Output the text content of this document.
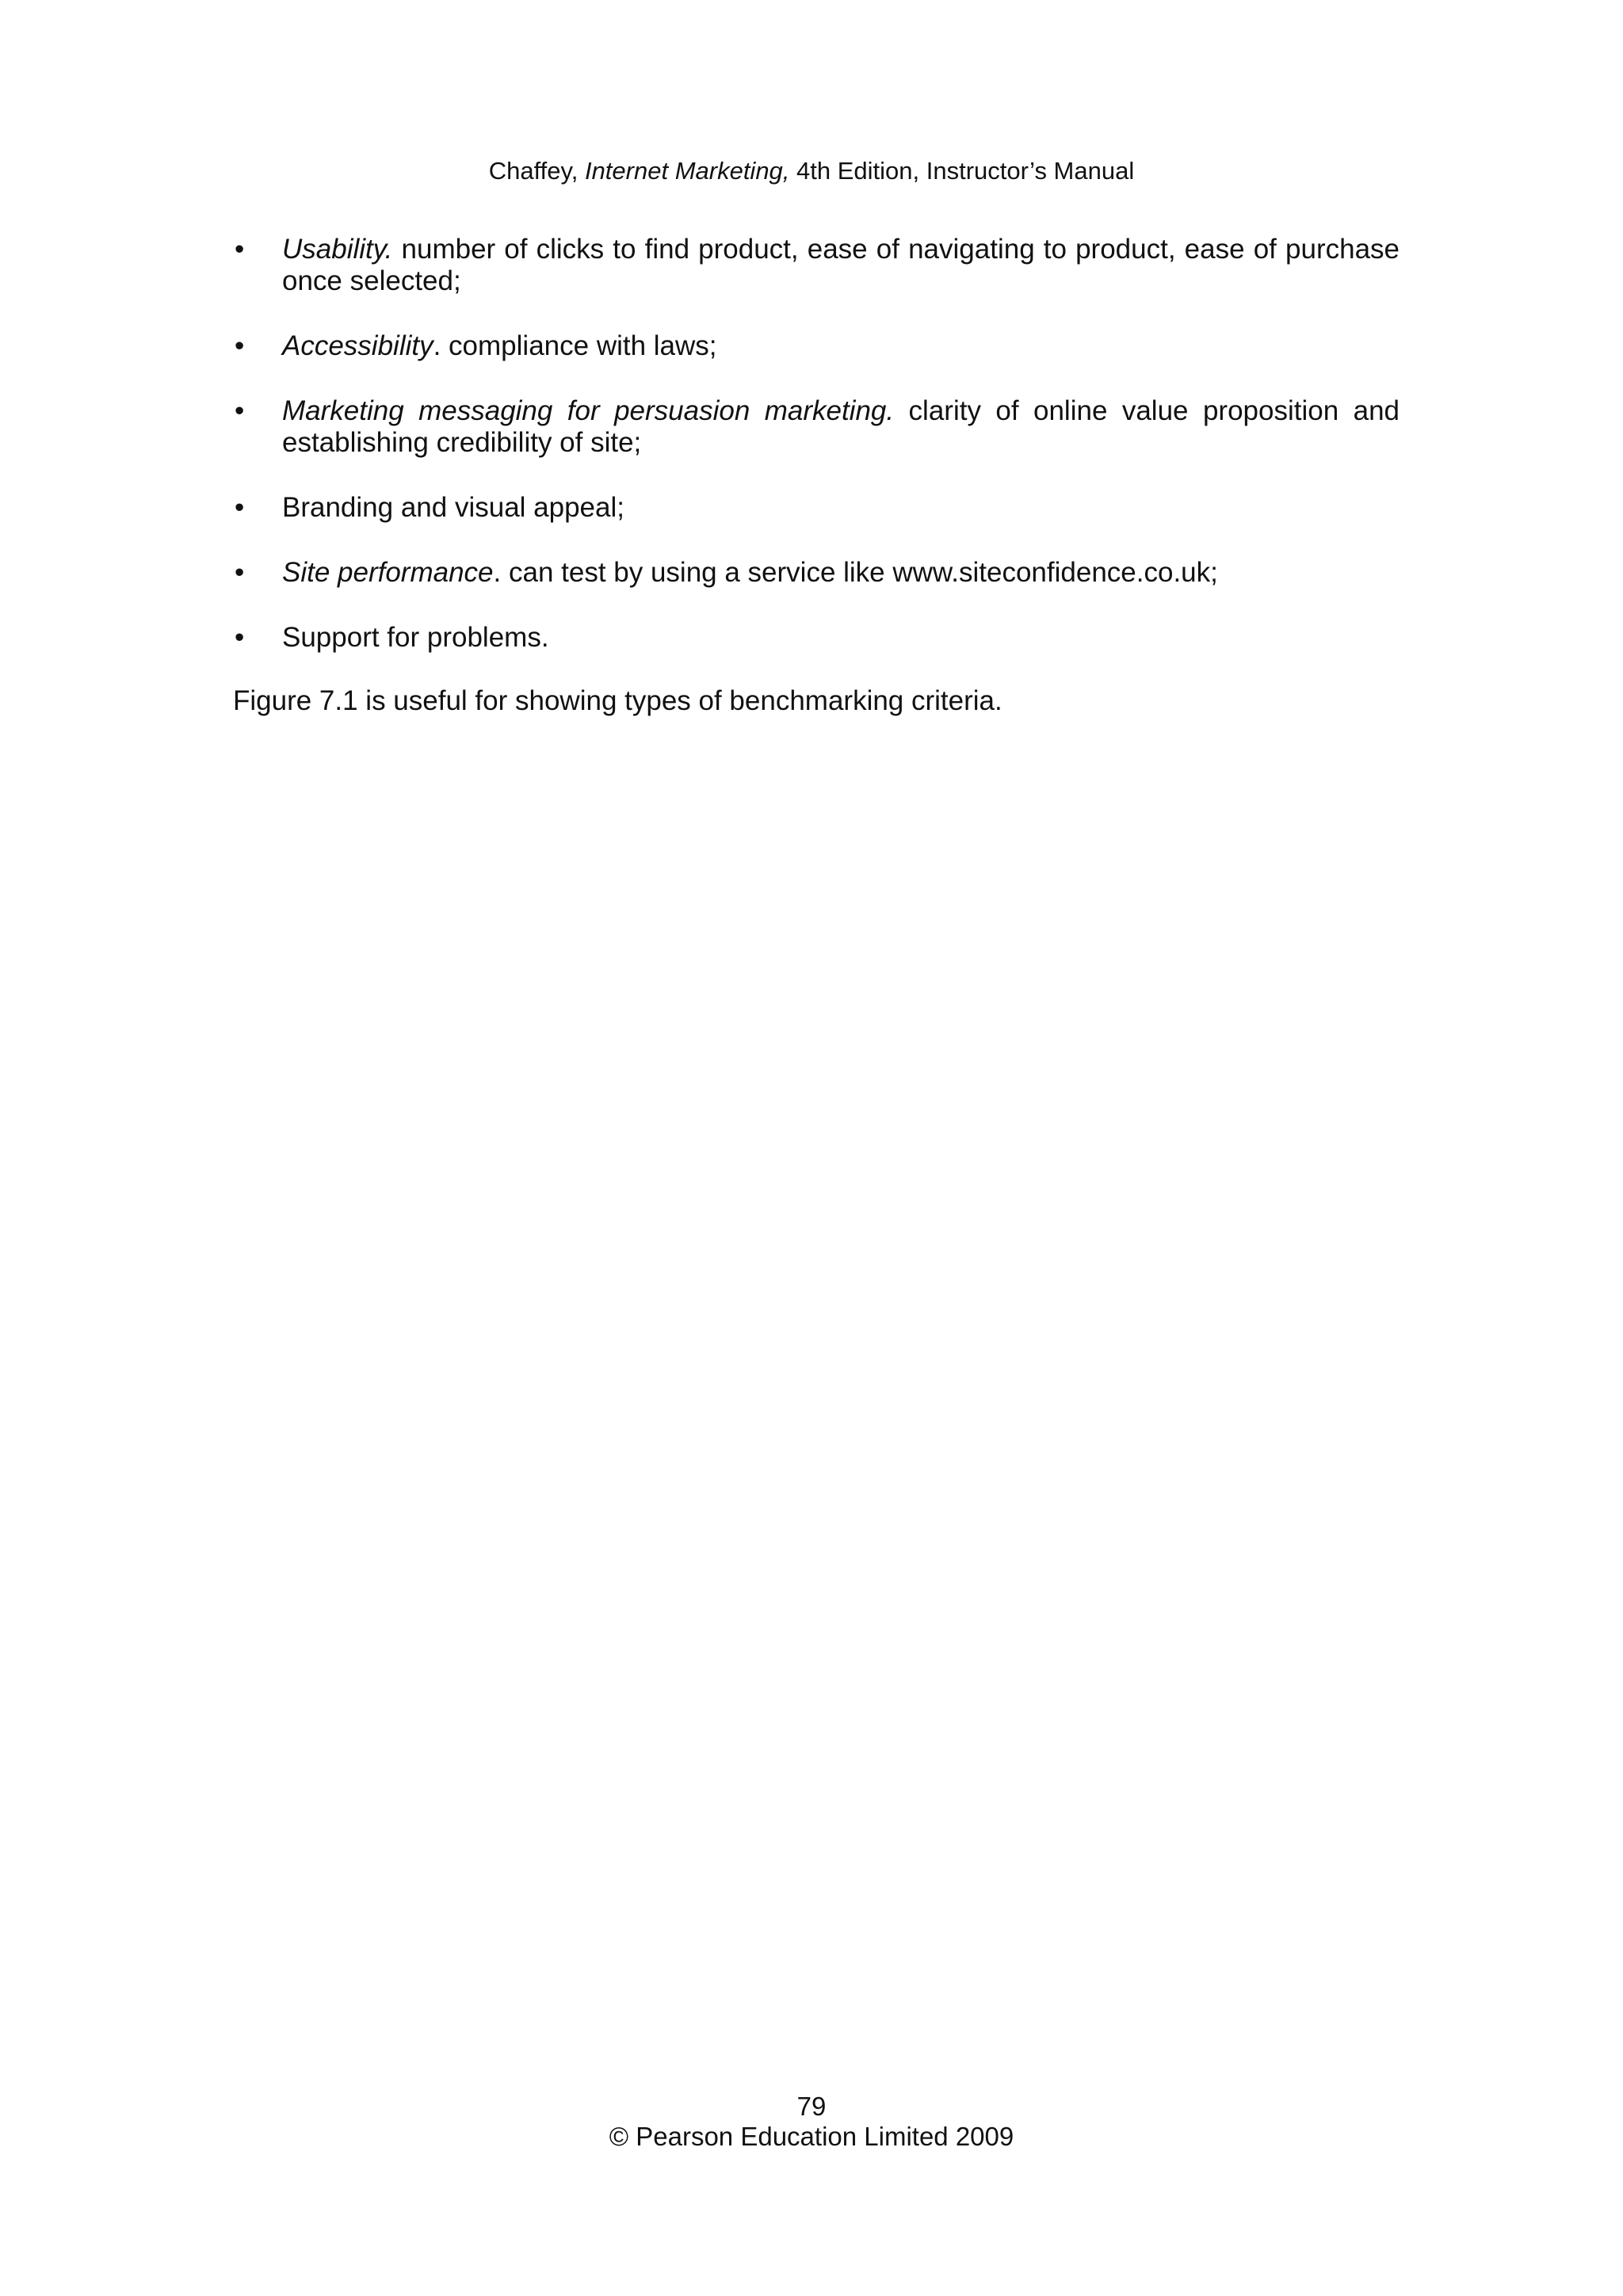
Chaffey, Internet Marketing, 4th Edition, Instructor’s Manual
•	Usability. number of clicks to find product, ease of navigating to product, ease of purchase once selected;
•	Accessibility. compliance with laws;
•	Marketing messaging for persuasion marketing. clarity of online value proposition and establishing credibility of site;
•	Branding and visual appeal;
•	Site performance. can test by using a service like www.siteconfidence.co.uk;
•	Support for problems.

Figure 7.1 is useful for showing types of benchmarking criteria.

79
© Pearson Education Limited 2009
